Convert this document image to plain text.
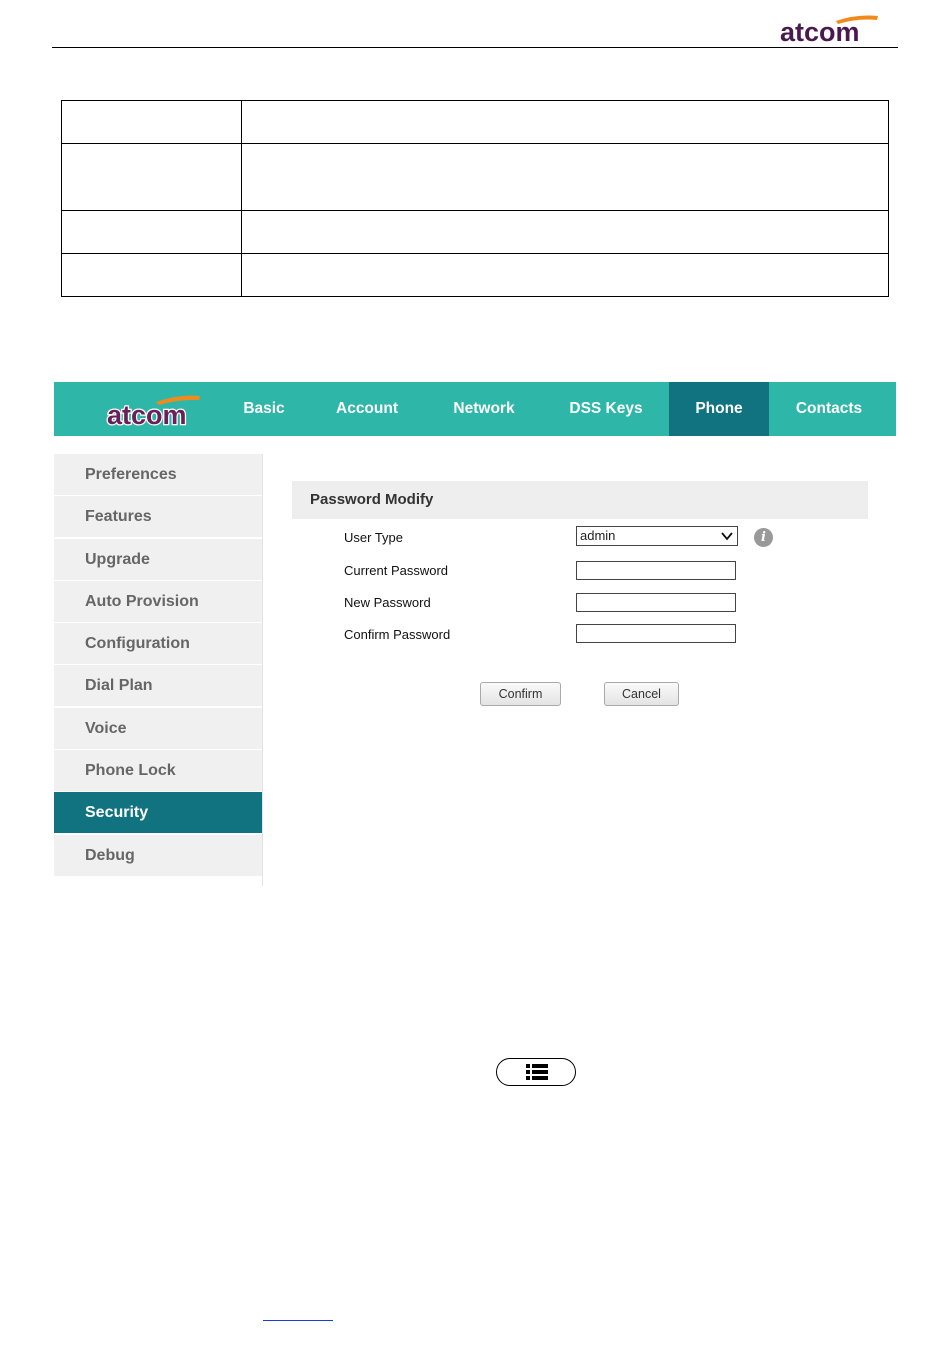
atcom

atcom	Basic	Account	Network	DSS Keys	Phone	Contacts
Preferences
Features
Upgrade
Auto Provision
Configuration
Dial Plan
Voice
Phone Lock
Security
Debug
Password Modify
User Type	admin	i
Current Password
New Password
Confirm Password
Confirm	Cancel
